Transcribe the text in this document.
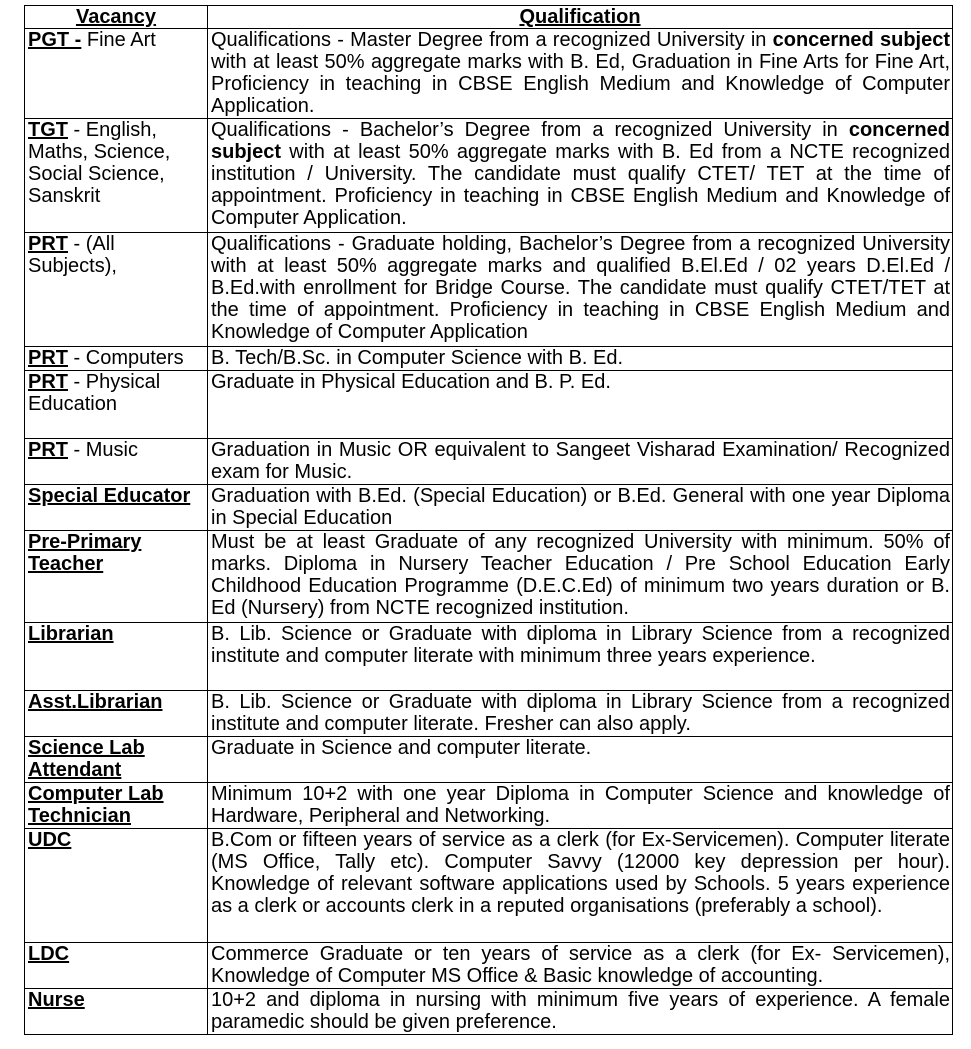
Vacancy	Qualification
PGT - Fine Art	Qualifications - Master Degree from a recognized University in concerned subject with at least 50% aggregate marks with B. Ed, Graduation in Fine Arts for Fine Art, Proficiency in teaching in CBSE English Medium and Knowledge of Computer Application.
TGT - English, Maths, Science, Social Science, Sanskrit	Qualifications - Bachelor’s Degree from a recognized University in concerned subject with at least 50% aggregate marks with B. Ed from a NCTE recognized institution / University. The candidate must qualify CTET/ TET at the time of appointment. Proficiency in teaching in CBSE English Medium and Knowledge of Computer Application.
PRT - (All Subjects),	Qualifications - Graduate holding, Bachelor’s Degree from a recognized University with at least 50% aggregate marks and qualified B.El.Ed / 02 years D.El.Ed / B.Ed.with enrollment for Bridge Course. The candidate must qualify CTET/TET at the time of appointment. Proficiency in teaching in CBSE English Medium and Knowledge of Computer Application
PRT - Computers	B. Tech/B.Sc. in Computer Science with B. Ed.
PRT - Physical Education	Graduate in Physical Education and B. P. Ed.
PRT - Music	Graduation in Music OR equivalent to Sangeet Visharad Examination/ Recognized exam for Music.
Special Educator	Graduation with B.Ed. (Special Education) or B.Ed. General with one year Diploma in Special Education
Pre-Primary Teacher	Must be at least Graduate of any recognized University with minimum. 50% of marks. Diploma in Nursery Teacher Education / Pre School Education Early Childhood Education Programme (D.E.C.Ed) of minimum two years duration or B. Ed (Nursery) from NCTE recognized institution.
Librarian	B. Lib. Science or Graduate with diploma in Library Science from a recognized institute and computer literate with minimum three years experience.
Asst.Librarian	B. Lib. Science or Graduate with diploma in Library Science from a recognized institute and computer literate. Fresher can also apply.
Science Lab Attendant	Graduate in Science and computer literate.
Computer Lab Technician	Minimum 10+2 with one year Diploma in Computer Science and knowledge of Hardware, Peripheral and Networking.
UDC	B.Com or fifteen years of service as a clerk (for Ex-Servicemen). Computer literate (MS Office, Tally etc). Computer Savvy (12000 key depression per hour). Knowledge of relevant software applications used by Schools. 5 years experience as a clerk or accounts clerk in a reputed organisations (preferably a school).
LDC	Commerce Graduate or ten years of service as a clerk (for Ex- Servicemen), Knowledge of Computer MS Office & Basic knowledge of accounting.
Nurse	10+2 and diploma in nursing with minimum five years of experience. A female paramedic should be given preference.
